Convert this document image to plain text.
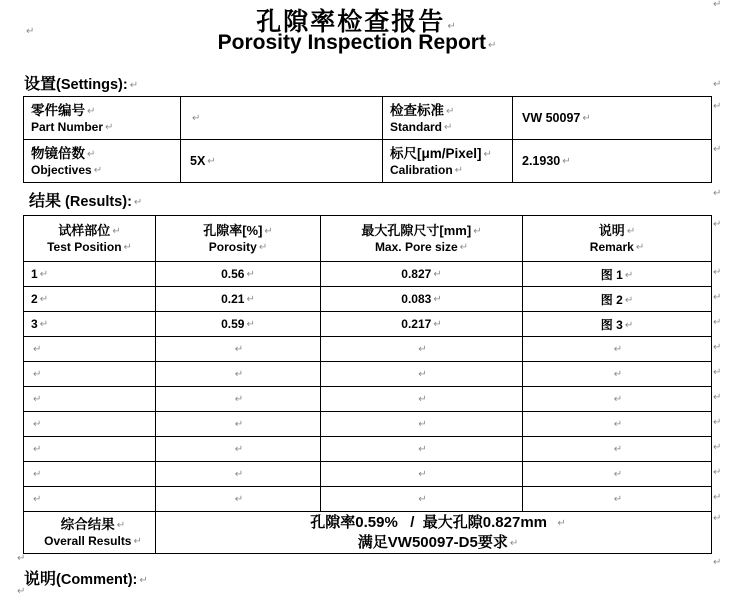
孔隙率检查报告 ↵
Porosity Inspection Report ↵
↵
设置(Settings): ↵
零件编号 ↵
Part Number ↵	↵	检查标准 ↵
Standard ↵	VW 50097 ↵

物镜倍数 ↵
Objectives ↵	5X ↵	标尺[μm/Pixel] ↵
Calibration ↵	2.1930 ↵
结果 (Results): ↵
试样部位 ↵
Test Position ↵	孔隙率[%] ↵
Porosity ↵	最大孔隙尺寸[mm] ↵
Max. Pore size ↵	说明 ↵
Remark ↵

1 ↵	0.56 ↵	0.827 ↵	图 1 ↵
2 ↵	0.21 ↵	0.083 ↵	图 2 ↵
3 ↵	0.59 ↵	0.217 ↵	图 3 ↵
↵	↵	↵	↵
↵	↵	↵	↵
↵	↵	↵	↵
↵	↵	↵	↵
↵	↵	↵	↵
↵	↵	↵	↵
↵	↵	↵	↵

综合结果 ↵
Overall Results ↵	孔隙率0.59%   /  最大孔隙0.827mm  ↵
满足VW50097-D5要求 ↵		
↵
说明(Comment): ↵
↵
↵
↵
↵
↵
↵
↵
↵
↵
↵
↵
↵
↵
↵
↵
↵
↵
↵
↵
